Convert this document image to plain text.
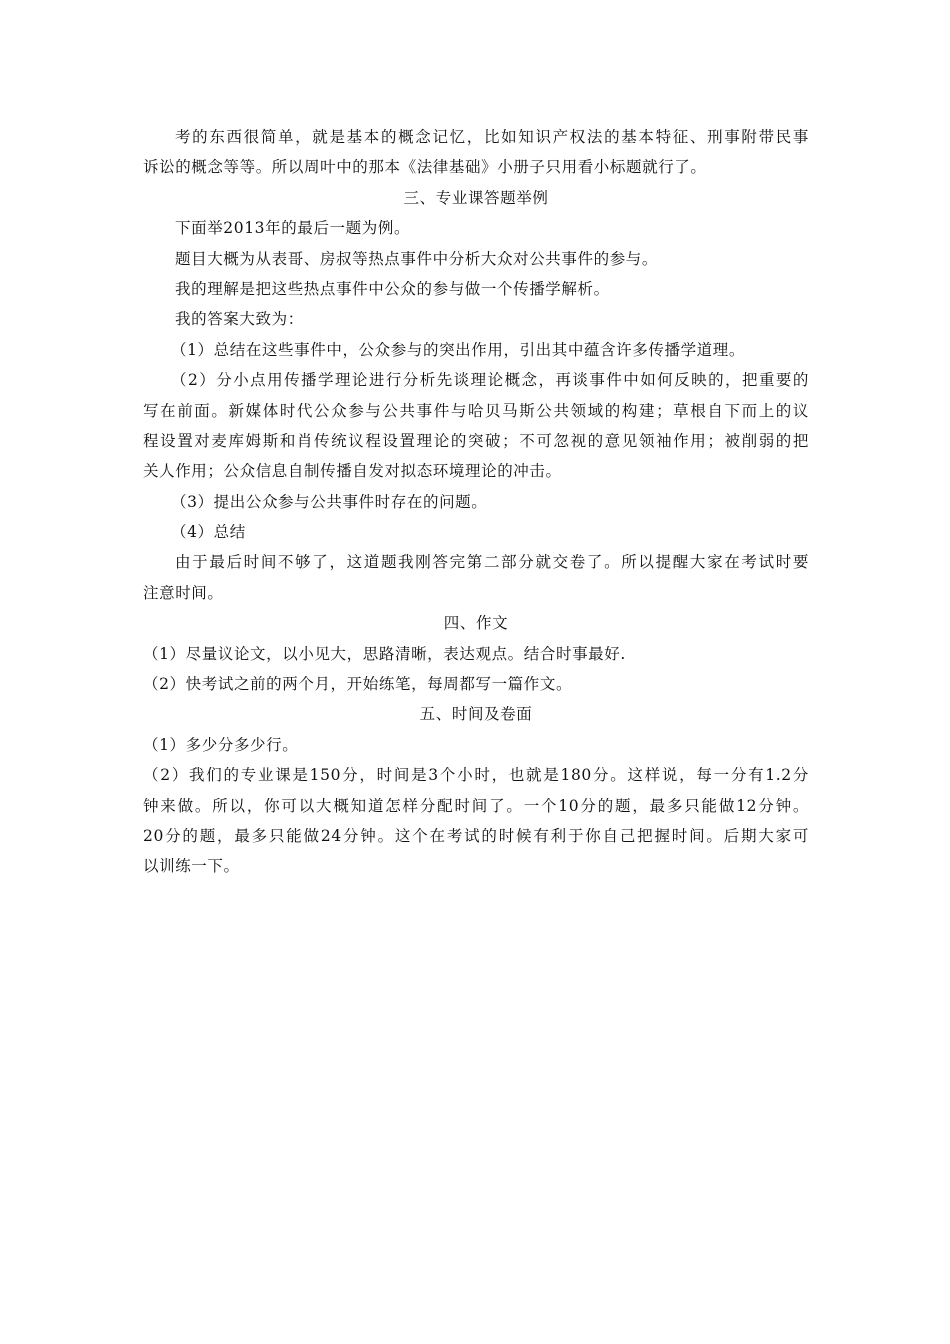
考的东西很简单，就是基本的概念记忆，比如知识产权法的基本特征、刑事附带民事
诉讼的概念等等。所以周叶中的那本《法律基础》小册子只用看小标题就行了。
三、专业课答题举例
下面举2013年的最后一题为例。
题目大概为从表哥、房叔等热点事件中分析大众对公共事件的参与。
我的理解是把这些热点事件中公众的参与做一个传播学解析。
我的答案大致为：
（1）总结在这些事件中，公众参与的突出作用，引出其中蕴含许多传播学道理。
（2）分小点用传播学理论进行分析先谈理论概念，再谈事件中如何反映的，把重要的
写在前面。新媒体时代公众参与公共事件与哈贝马斯公共领域的构建；草根自下而上的议
程设置对麦库姆斯和肖传统议程设置理论的突破；不可忽视的意见领袖作用；被削弱的把
关人作用；公众信息自制传播自发对拟态环境理论的冲击。
（3）提出公众参与公共事件时存在的问题。
（4）总结
由于最后时间不够了，这道题我刚答完第二部分就交卷了。所以提醒大家在考试时要
注意时间。
四、作文
（1）尽量议论文，以小见大，思路清晰，表达观点。结合时事最好.
（2）快考试之前的两个月，开始练笔，每周都写一篇作文。
五、时间及卷面
（1）多少分多少行。
（2）我们的专业课是150分，时间是3个小时，也就是180分。这样说，每一分有1.2分
钟来做。所以，你可以大概知道怎样分配时间了。一个10分的题，最多只能做12分钟。
20分的题，最多只能做24分钟。这个在考试的时候有利于你自己把握时间。后期大家可
以训练一下。
